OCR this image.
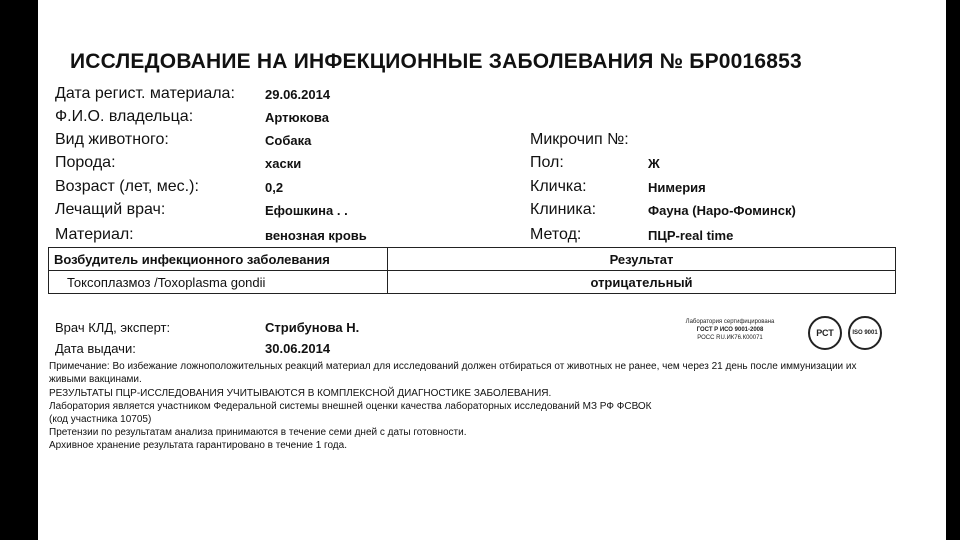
ИССЛЕДОВАНИЕ НА ИНФЕКЦИОННЫЕ ЗАБОЛЕВАНИЯ № БР0016853
Дата регист. материала: 29.06.2014
Ф.И.О. владельца:	Артюкова
Вид животного:	Собака
Порода:	хаски
Возраст (лет, мес.):	0,2
Лечащий врач:	Ефошкина . .
Материал:	венозная кровь
Микрочип №:
Пол:	Ж
Кличка:	Нимерия
Клиника:	Фауна (Наро-Фоминск)
Метод:	ПЦР-real time
Возбудитель инфекционного заболевания	Результат
Токсоплазмоз /Toxoplasma gondii	отрицательный
Врач КЛД, эксперт:	Стрибунова Н.
Дата выдачи:	30.06.2014
Лаборатория сертифицирована
ГОСТ Р ИСО 9001-2008
РОСС RU.ИК76.К00071	РСТ	ISO 9001
Примечание: Во избежание ложноположительных реакций материал для исследований должен отбираться от животных не ранее, чем через 21 день после иммунизации их живыми вакцинами.
РЕЗУЛЬТАТЫ ПЦР-ИССЛЕДОВАНИЯ УЧИТЫВАЮТСЯ В КОМПЛЕКСНОЙ ДИАГНОСТИКЕ ЗАБОЛЕВАНИЯ.
Лаборатория является участником Федеральной системы внешней оценки качества лабораторных исследований МЗ РФ ФСВОК
(код участника 10705)
Претензии по результатам анализа принимаются в течение семи дней с даты готовности.
Архивное хранение результата гарантировано в течение 1 года.
